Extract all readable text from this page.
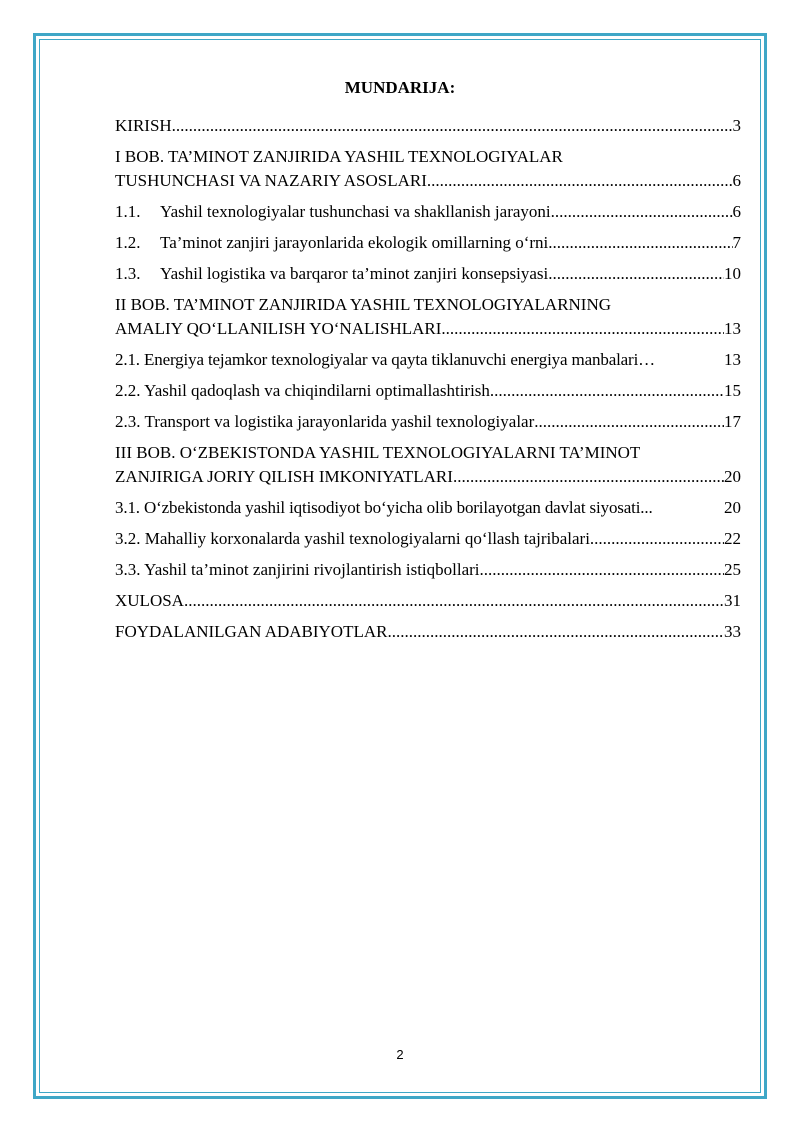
MUNDARIJA:
KIRISH .....	3
I BOB. TA’MINOT ZANJIRIDA YASHIL TEXNOLOGIYALAR
TUSHUNCHASI VA NAZARIY ASOSLARI .....	6
1.1. Yashil texnologiyalar tushunchasi va shakllanish jarayoni .....	6
1.2. Ta’minot zanjiri jarayonlarida ekologik omillarning o‘rni .....	7
1.3. Yashil logistika va barqaror ta’minot zanjiri konsepsiyasi .....	10
II BOB. TA’MINOT ZANJIRIDA YASHIL TEXNOLOGIYALARNING
AMALIY QO‘LLANILISH YO‘NALISHLARI .....	13
2.1. Energiya tejamkor texnologiyalar va qayta tiklanuvchi energiya manbalari…	13
2.2. Yashil qadoqlash va chiqindilarni optimallashtirish .....	15
2.3. Transport va logistika jarayonlarida yashil texnologiyalar .....	17
III BOB. O‘ZBEKISTONDA YASHIL TEXNOLOGIYALARNI TA’MINOT
ZANJIRIGA JORIY QILISH IMKONIYATLARI .....	20
3.1. O‘zbekistonda yashil iqtisodiyot bo‘yicha olib borilayotgan davlat siyosati...	20
3.2. Mahalliy korxonalarda yashil texnologiyalarni qo‘llash tajribalari .....	22
3.3. Yashil ta’minot zanjirini rivojlantirish istiqbollari .....	25
XULOSA .....	31
FOYDALANILGAN ADABIYOTLAR .....	33
2
